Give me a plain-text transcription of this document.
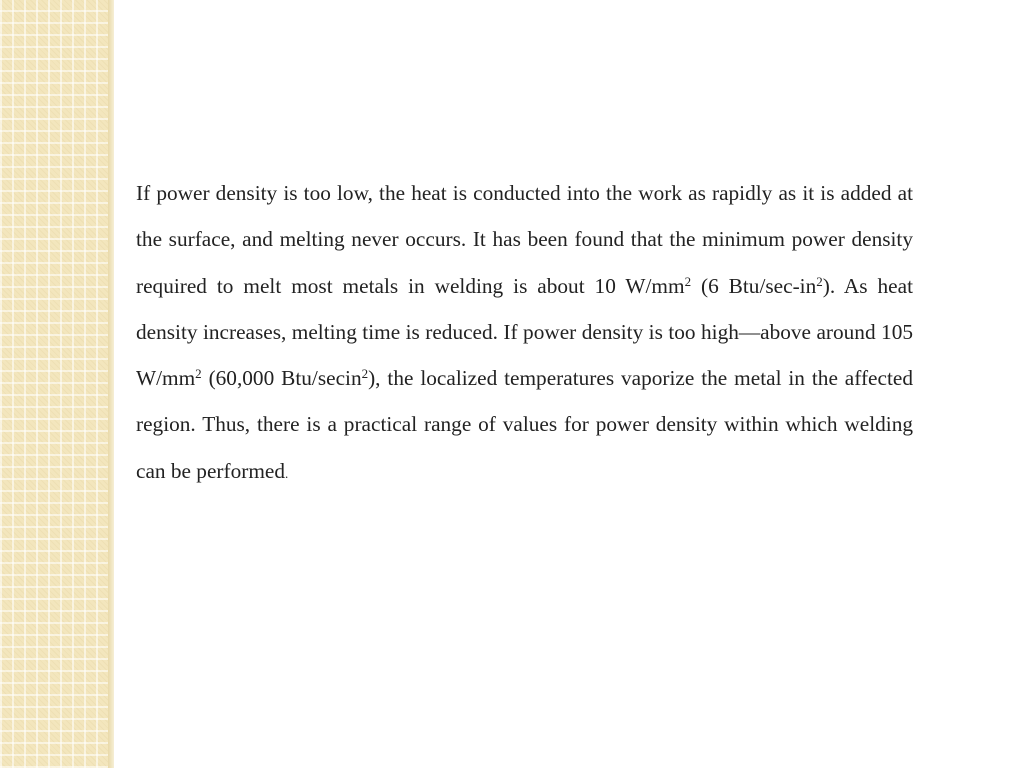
If power density is too low, the heat is conducted into the work as rapidly as it is added at the surface, and melting never occurs. It has been found that the minimum power density required to melt most metals in welding is about 10 $W/mm^2$ (6 Btu/$\sec-in^2$). As heat density increases, melting time is reduced. If power density is too high—above around 105 $W/mm^2$ (60,000 Btu/secin$^2$), the localized temperatures vaporize the metal in the affected region. Thus, there is a practical range of values for power density within which welding can be performed.
